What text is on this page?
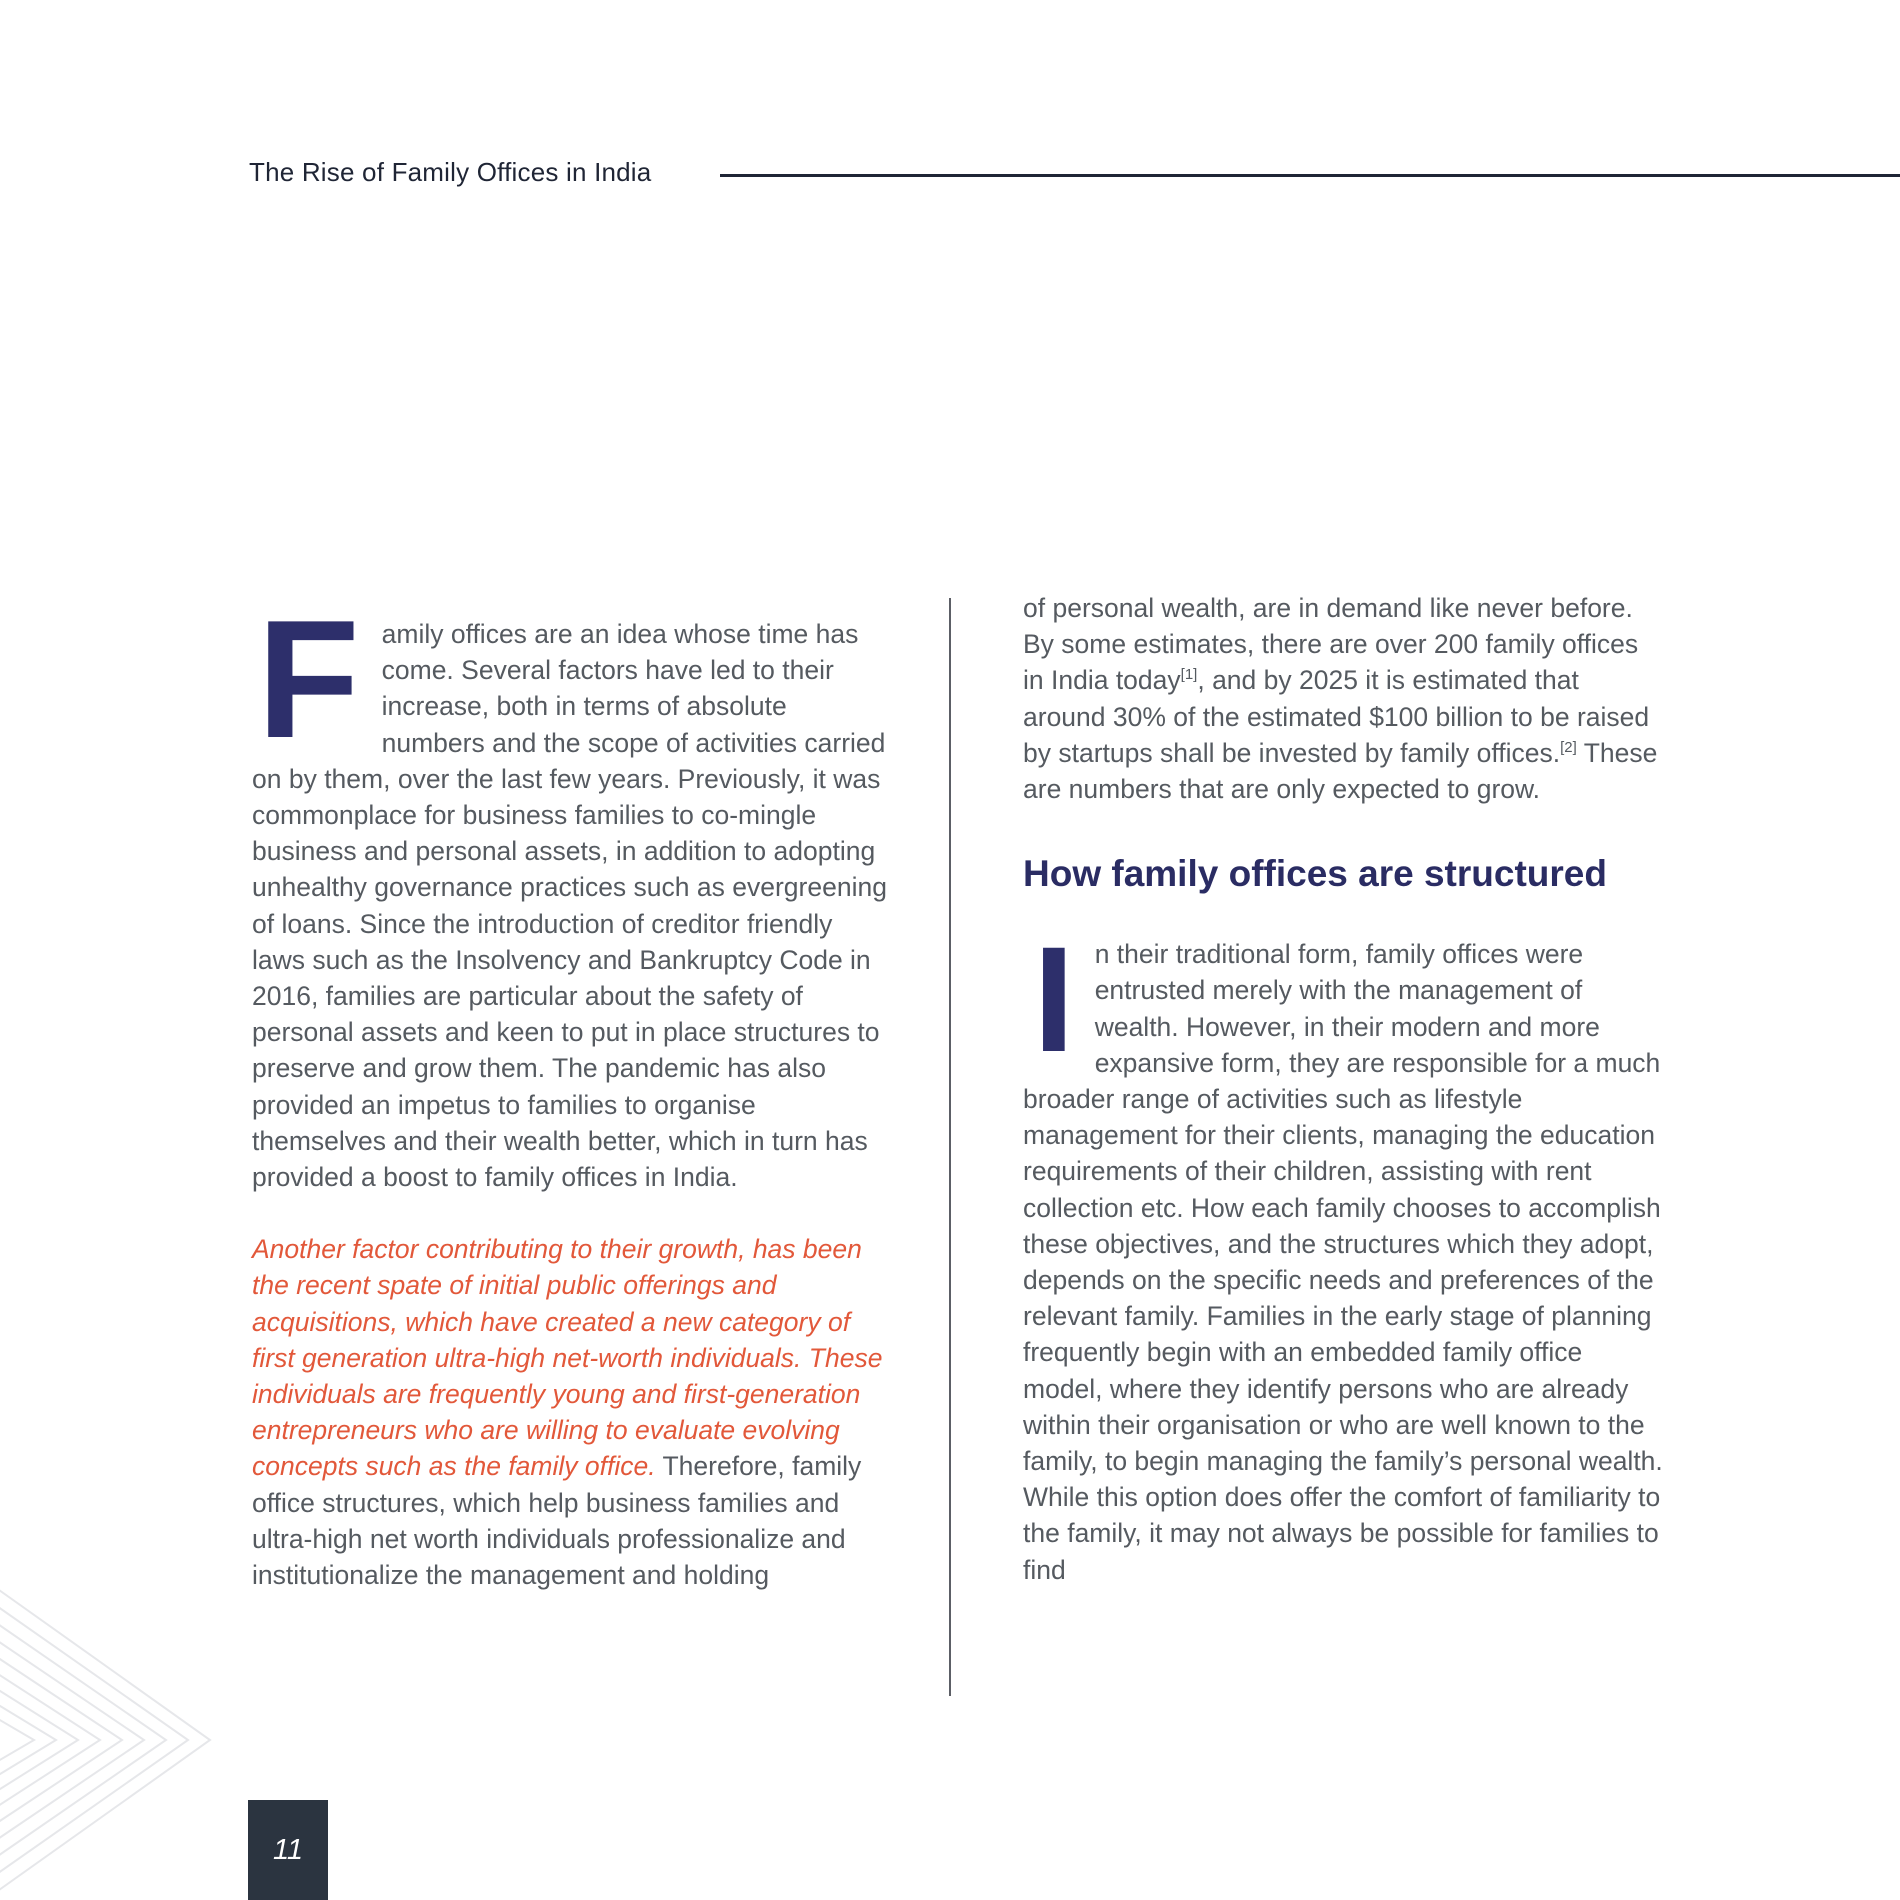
The Rise of Family Offices in India

Family offices are an idea whose time has come. Several factors have led to their increase, both in terms of absolute numbers and the scope of activities carried on by them, over the last few years. Previously, it was commonplace for business families to co-mingle business and personal assets, in addition to adopting unhealthy governance practices such as evergreening of loans. Since the introduction of creditor friendly laws such as the Insolvency and Bankruptcy Code in 2016, families are particular about the safety of personal assets and keen to put in place structures to preserve and grow them. The pandemic has also provided an impetus to families to organise themselves and their wealth better, which in turn has provided a boost to family offices in India.

Another factor contributing to their growth, has been the recent spate of initial public offerings and acquisitions, which have created a new category of first generation ultra-high net-worth individuals. These individuals are frequently young and first-generation entrepreneurs who are willing to evaluate evolving concepts such as the family office. Therefore, family office structures, which help business families and ultra-high net worth individuals professionalize and institutionalize the management and holding

of personal wealth, are in demand like never before. By some estimates, there are over 200 family offices in India today[1], and by 2025 it is estimated that around 30% of the estimated $100 billion to be raised by startups shall be invested by family offices.[2] These are numbers that are only expected to grow.

How family offices are structured

In their traditional form, family offices were entrusted merely with the management of wealth. However, in their modern and more expansive form, they are responsible for a much broader range of activities such as lifestyle management for their clients, managing the education requirements of their children, assisting with rent collection etc. How each family chooses to accomplish these objectives, and the structures which they adopt, depends on the specific needs and preferences of the relevant family. Families in the early stage of planning frequently begin with an embedded family office model, where they identify persons who are already within their organisation or who are well known to the family, to begin managing the family’s personal wealth. While this option does offer the comfort of familiarity to the family, it may not always be possible for families to find

11
